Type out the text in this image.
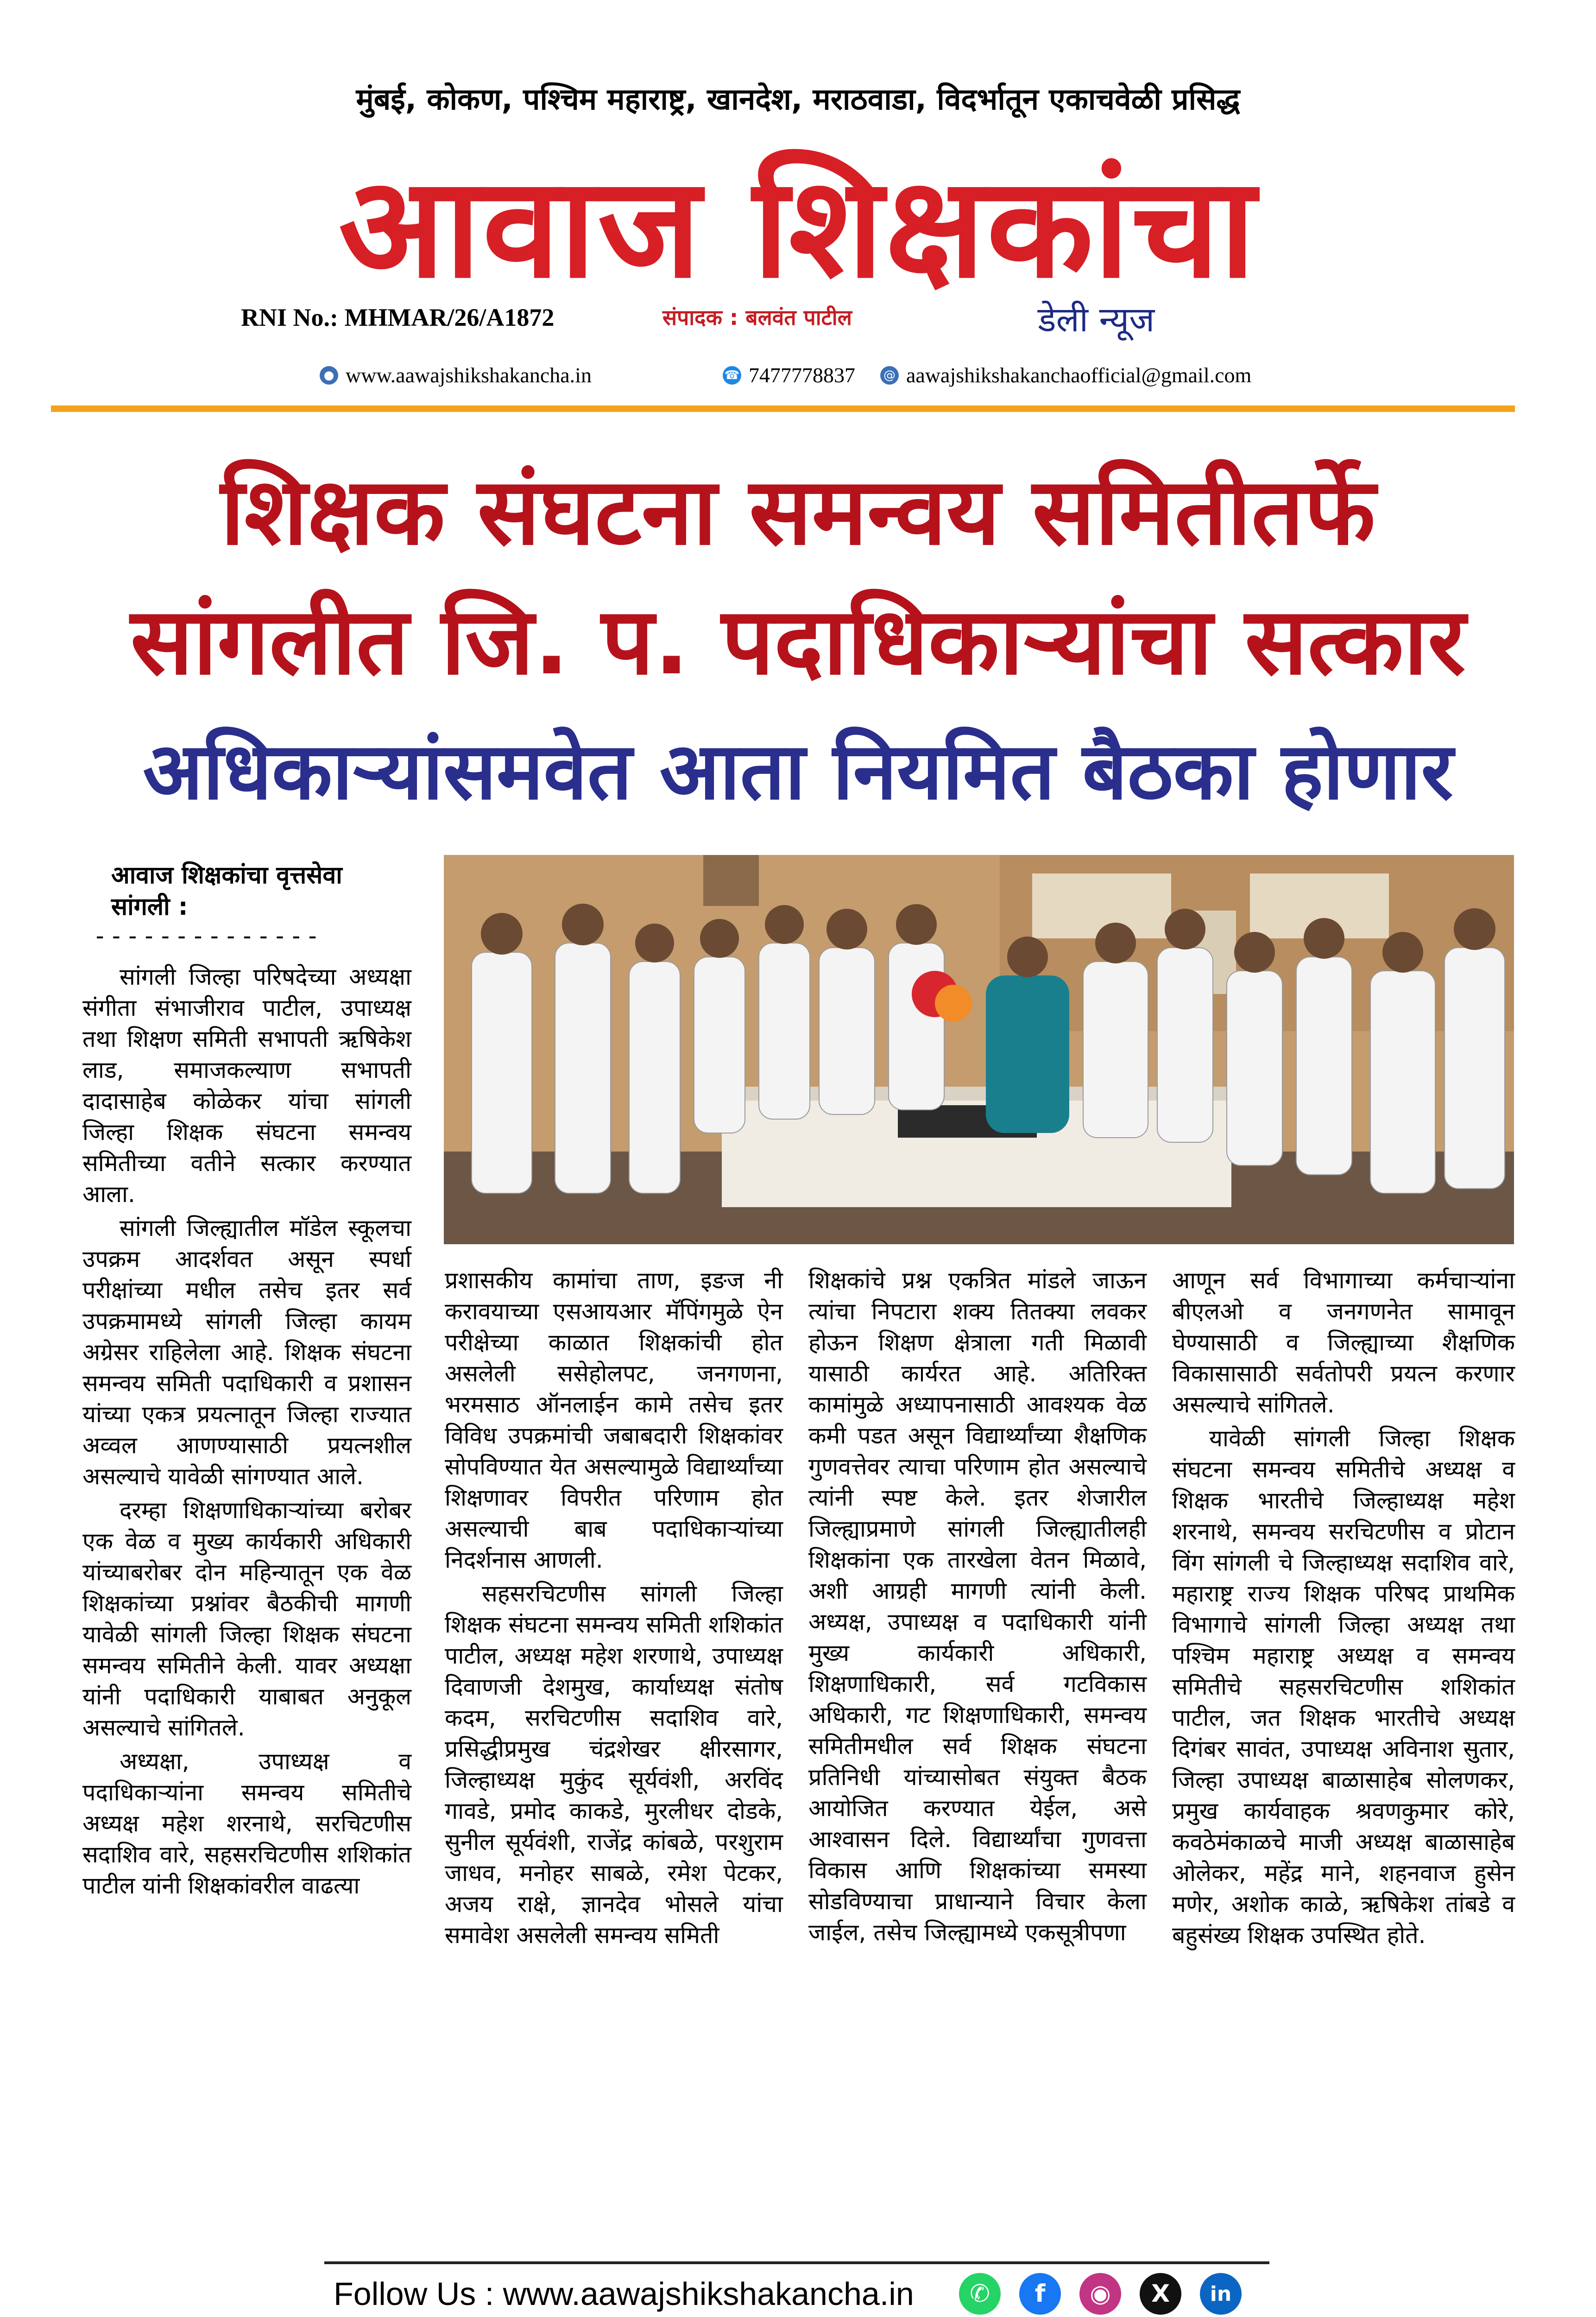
मुंबई, कोकण, पश्चिम महाराष्ट्र, खानदेश, मराठवाडा, विदर्भातून एकाचवेळी प्रसिद्ध
आवाज शिक्षकांचा
RNI No.: MHMAR/26/A1872	संपादक : बलवंत पाटील	डेली न्यूज
● www.aawajshikshakancha.in	☎ 7477778837 @ aawajshikshakanchaofficial@gmail.com
शिक्षक संघटना समन्वय समितीतर्फे
सांगलीत जि. प. पदाधिकाऱ्यांचा सत्कार
अधिकाऱ्यांसमवेत आता नियमित बैठका होणार
आवाज शिक्षकांचा वृत्तसेवा
सांगली :
--------------

सांगली जिल्हा परिषदेच्या अध्यक्षा संगीता संभाजीराव पाटील, उपाध्यक्ष तथा शिक्षण समिती सभापती ऋषिकेश लाड, समाजकल्याण सभापती दादासाहेब कोळेकर यांचा सांगली जिल्हा शिक्षक संघटना समन्वय समितीच्या वतीने सत्कार करण्यात आला.

सांगली जिल्ह्यातील मॉडेल स्कूलचा उपक्रम आदर्शवत असून स्पर्धा परीक्षांच्या मधील तसेच इतर सर्व उपक्रमामध्ये सांगली जिल्हा कायम अग्रेसर राहिलेला आहे. शिक्षक संघटना समन्वय समिती पदाधिकारी व प्रशासन यांच्या एकत्र प्रयत्नातून जिल्हा राज्यात अव्वल आणण्यासाठी प्रयत्नशील असल्याचे यावेळी सांगण्यात आले.

दरम्हा शिक्षणाधिकाऱ्यांच्या बरोबर एक वेळ व मुख्य कार्यकारी अधिकारी यांच्याबरोबर दोन महिन्यातून एक वेळ शिक्षकांच्या प्रश्नांवर बैठकीची मागणी यावेळी सांगली जिल्हा शिक्षक संघटना समन्वय समितीने केली. यावर अध्यक्षा यांनी पदाधिकारी याबाबत अनुकूल असल्याचे सांगितले.

अध्यक्षा, उपाध्यक्ष व पदाधिकाऱ्यांना समन्वय समितीचे अध्यक्ष महेश शरनाथे, सरचिटणीस सदाशिव वारे, सहसरचिटणीस शशिकांत पाटील यांनी शिक्षकांवरील वाढत्या

प्रशासकीय कामांचा ताण, इङज नी करावयाच्या एसआयआर मॅपिंगमुळे ऐन परीक्षेच्या काळात शिक्षकांची होत असलेली ससेहोलपट, जनगणना, भरमसाठ ऑनलाईन कामे तसेच इतर विविध उपक्रमांची जबाबदारी शिक्षकांवर सोपविण्यात येत असल्यामुळे विद्यार्थ्यांच्या शिक्षणावर विपरीत परिणाम होत असल्याची बाब पदाधिकाऱ्यांच्या निदर्शनास आणली.

सहसरचिटणीस सांगली जिल्हा शिक्षक संघटना समन्वय समिती शशिकांत पाटील, अध्यक्ष महेश शरणाथे, उपाध्यक्ष दिवाणजी देशमुख, कार्याध्यक्ष संतोष कदम, सरचिटणीस सदाशिव वारे, प्रसिद्धीप्रमुख चंद्रशेखर क्षीरसागर, जिल्हाध्यक्ष मुकुंद सूर्यवंशी, अरविंद गावडे, प्रमोद काकडे, मुरलीधर दोडके, सुनील सूर्यवंशी, राजेंद्र कांबळे, परशुराम जाधव, मनोहर साबळे, रमेश पेटकर, अजय राक्षे, ज्ञानदेव भोसले यांचा समावेश असलेली समन्वय समिती

शिक्षकांचे प्रश्न एकत्रित मांडले जाऊन त्यांचा निपटारा शक्य तितक्या लवकर होऊन शिक्षण क्षेत्राला गती मिळावी यासाठी कार्यरत आहे. अतिरिक्त कामांमुळे अध्यापनासाठी आवश्यक वेळ कमी पडत असून विद्यार्थ्यांच्या शैक्षणिक गुणवत्तेवर त्याचा परिणाम होत असल्याचे त्यांनी स्पष्ट केले. इतर शेजारील जिल्ह्याप्रमाणे सांगली जिल्ह्यातीलही शिक्षकांना एक तारखेला वेतन मिळावे, अशी आग्रही मागणी त्यांनी केली. अध्यक्ष, उपाध्यक्ष व पदाधिकारी यांनी मुख्य कार्यकारी अधिकारी, शिक्षणाधिकारी, सर्व गटविकास अधिकारी, गट शिक्षणाधिकारी, समन्वय समितीमधील सर्व शिक्षक संघटना प्रतिनिधी यांच्यासोबत संयुक्त बैठक आयोजित करण्यात येईल, असे आश्वासन दिले. विद्यार्थ्यांचा गुणवत्ता विकास आणि शिक्षकांच्या समस्या सोडविण्याचा प्राधान्याने विचार केला जाईल, तसेच जिल्ह्यामध्ये एकसूत्रीपणा

आणून सर्व विभागाच्या कर्मचाऱ्यांना बीएलओ व जनगणनेत सामावून घेण्यासाठी व जिल्ह्याच्या शैक्षणिक विकासासाठी सर्वतोपरी प्रयत्न करणार असल्याचे सांगितले.

यावेळी सांगली जिल्हा शिक्षक संघटना समन्वय समितीचे अध्यक्ष व शिक्षक भारतीचे जिल्हाध्यक्ष महेश शरनाथे, समन्वय सरचिटणीस व प्रोटान विंग सांगली चे जिल्हाध्यक्ष सदाशिव वारे, महाराष्ट्र राज्य शिक्षक परिषद प्राथमिक विभागाचे सांगली जिल्हा अध्यक्ष तथा पश्चिम महाराष्ट्र अध्यक्ष व समन्वय समितीचे सहसरचिटणीस शशिकांत पाटील, जत शिक्षक भारतीचे अध्यक्ष दिगंबर सावंत, उपाध्यक्ष अविनाश सुतार, जिल्हा उपाध्यक्ष बाळासाहेब सोलणकर, प्रमुख कार्यवाहक श्रवणकुमार कोरे, कवठेमंकाळचे माजी अध्यक्ष बाळासाहेब ओलेकर, महेंद्र माने, शहनवाज हुसेन मणेर, अशोक काळे, ऋषिकेश तांबडे व बहुसंख्य शिक्षक उपस्थित होते.

Follow Us : www.aawajshikshakancha.in	✆	f	◉	X	in
